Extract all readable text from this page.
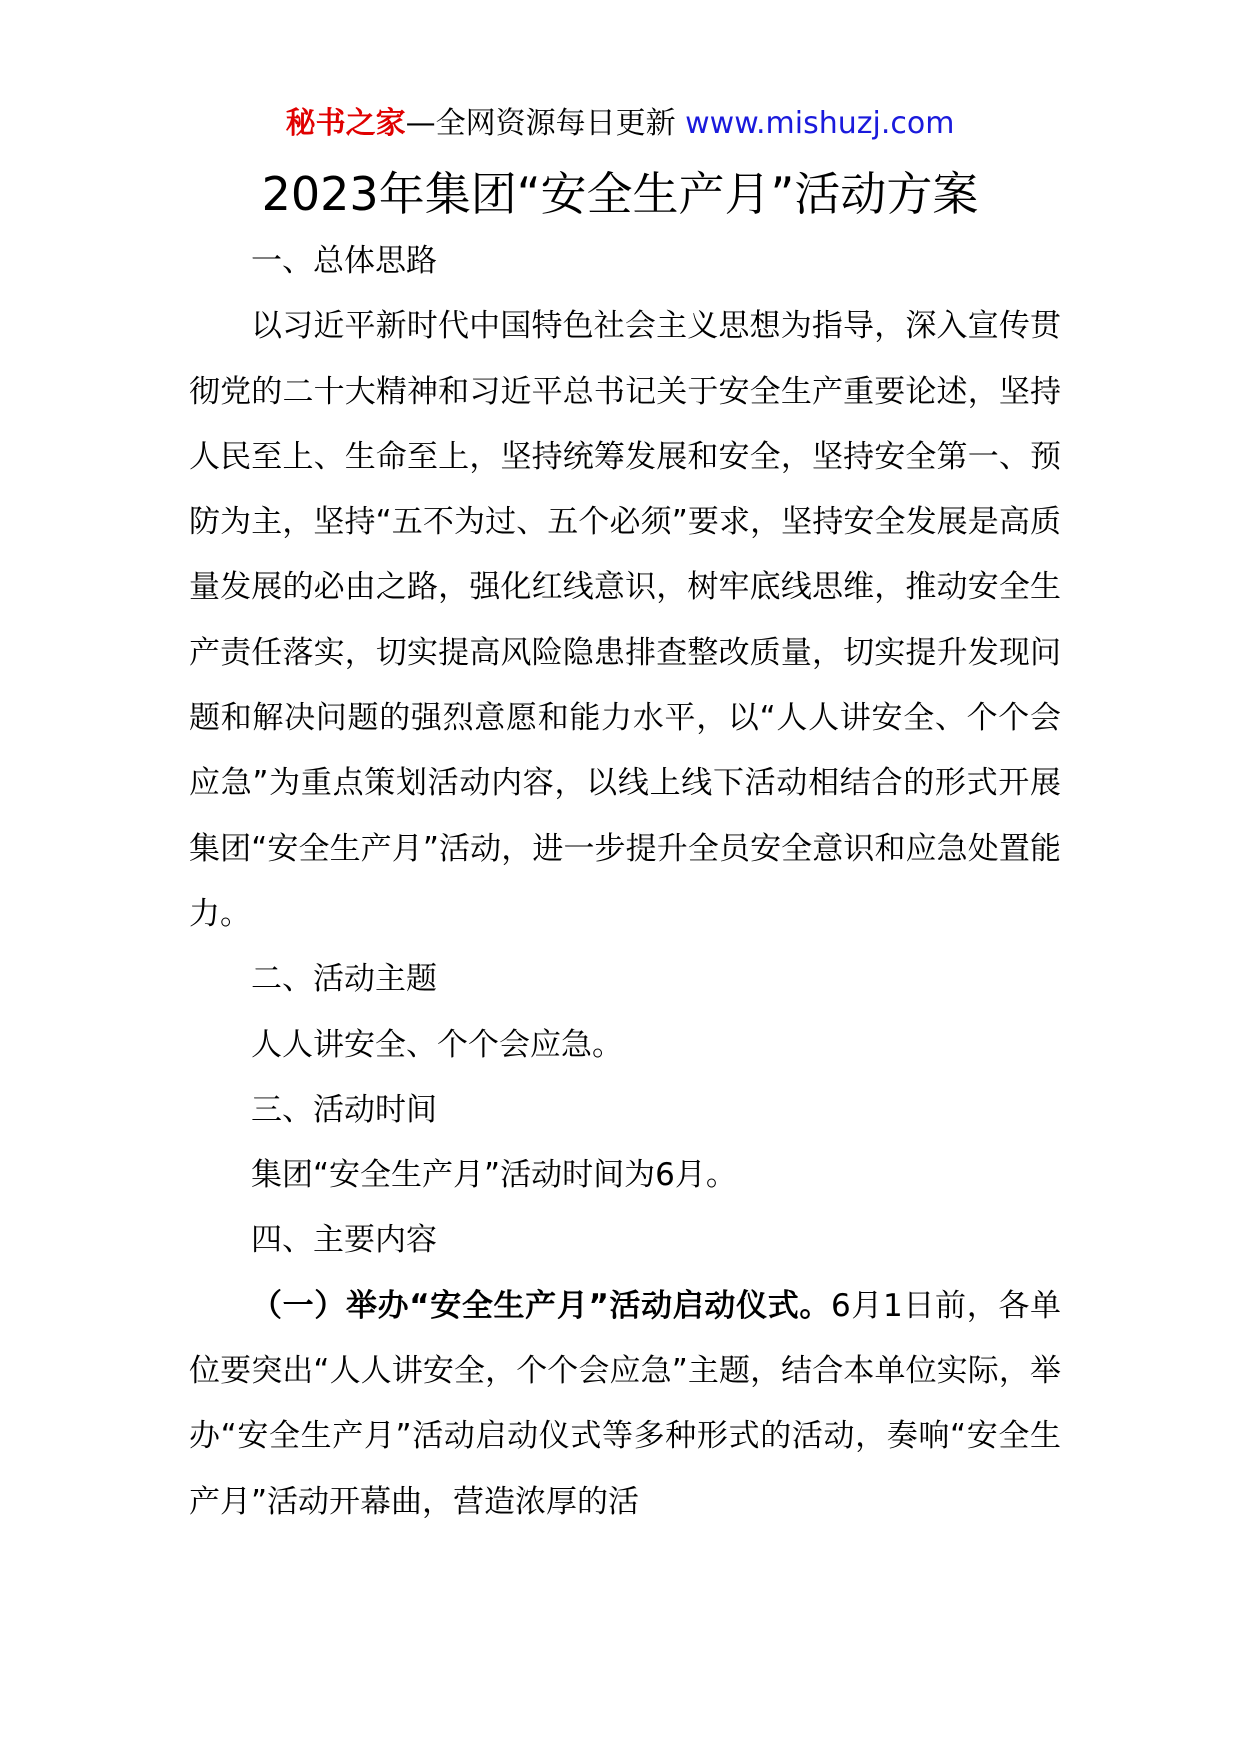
秘书之家—全网资源每日更新 www.mishuzj.com
2023年集团“安全生产月”活动方案

一、总体思路

以习近平新时代中国特色社会主义思想为指导，深入宣传贯彻党的二十大精神和习近平总书记关于安全生产重要论述，坚持人民至上、生命至上，坚持统筹发展和安全，坚持安全第一、预防为主，坚持“五不为过、五个必须”要求，坚持安全发展是高质量发展的必由之路，强化红线意识，树牢底线思维，推动安全生产责任落实，切实提高风险隐患排查整改质量，切实提升发现问题和解决问题的强烈意愿和能力水平，以“人人讲安全、个个会应急”为重点策划活动内容，以线上线下活动相结合的形式开展集团“安全生产月”活动，进一步提升全员安全意识和应急处置能力。

二、活动主题

人人讲安全、个个会应急。

三、活动时间

集团“安全生产月”活动时间为6月。

四、主要内容

（一）举办“安全生产月”活动启动仪式。6月1日前，各单位要突出“人人讲安全，个个会应急”主题，结合本单位实际，举办“安全生产月”活动启动仪式等多种形式的活动，奏响“安全生产月”活动开幕曲，营造浓厚的活
